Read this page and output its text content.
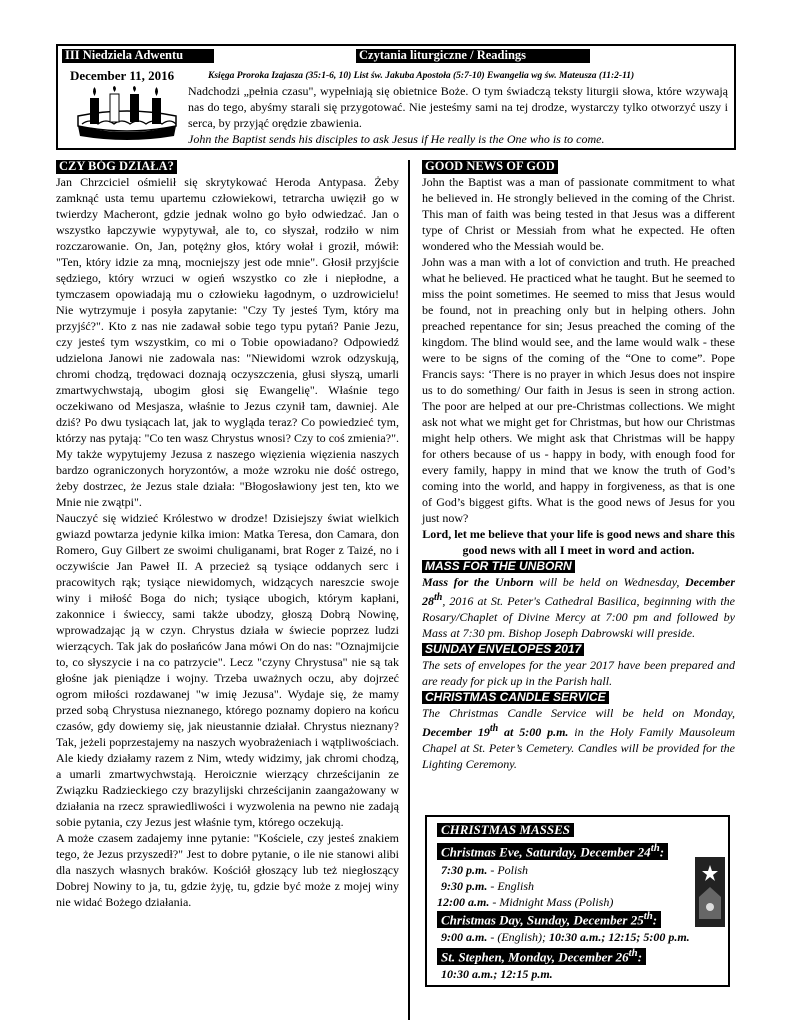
III Niedziela Adwentu	Czytania liturgiczne / Readings
December 11, 2016	Księga Proroka Izajasza (35:1-6, 10) List św. Jakuba Apostoła (5:7-10) Ewangelia wg św. Mateusza (11:2-11)
Nadchodzi „pełnia czasu", wypełniają się obietnice Boże. O tym świadczą teksty liturgii słowa, które wzywają nas do tego, abyśmy starali się przygotować. Nie jesteśmy sami na tej drodze, wystarczy tylko otworzyć uszy i serca, by przyjąć orędzie zbawienia.
John the Baptist sends his disciples to ask Jesus if He really is the One who is to come.
CZY BÓG DZIAŁA?

Jan Chrzciciel ośmielił się skrytykować Heroda Antypasa. Żeby zamknąć usta temu upartemu człowiekowi, tetrarcha uwięził go w twierdzy Macheront, gdzie jednak wolno go było odwiedzać. Jan o wszystko łapczywie wypytywał, ale to, co słyszał, rodziło w nim rozczarowanie. On, Jan, potężny głos, który wołał i groził, mówił: "Ten, który idzie za mną, mocniejszy jest ode mnie". Głosił przyjście sędziego, który wrzuci w ogień wszystko co złe i niepłodne, a tymczasem opowiadają mu o człowieku łagodnym, o uzdrowicielu! Nie wytrzymuje i posyła zapytanie: "Czy Ty jesteś Tym, który ma przyjść?". Kto z nas nie zadawał sobie tego typu pytań? Panie Jezu, czy jesteś tym wszystkim, co mi o Tobie opowiadano? Odpowiedź udzielona Janowi nie zadowala nas: "Niewidomi wzrok odzyskują, chromi chodzą, trędowaci doznają oczyszczenia, głusi słyszą, umarli zmartwychwstają, ubogim głosi się Ewangelię". Właśnie tego oczekiwano od Mesjasza, właśnie to Jezus czynił tam, dawniej. Ale dziś? Po dwu tysiącach lat, jak to wygląda teraz? Co powiedzieć tym, którzy nas pytają: "Co ten wasz Chrystus wnosi? Czy to coś zmienia?". My także wypytujemy Jezusa z naszego więzienia więzienia naszych bardzo ograniczonych horyzontów, a może wzroku nie dość ostrego, żeby dostrzec, że Jezus stale działa: "Błogosławiony jest ten, kto we Mnie nie zwątpi".

Nauczyć się widzieć Królestwo w drodze! Dzisiejszy świat wielkich gwiazd powtarza jedynie kilka imion: Matka Teresa, don Camara, don Romero, Guy Gilbert ze swoimi chuliganami, brat Roger z Taizé, no i oczywiście Jan Paweł II. A przecież są tysiące oddanych serc i pracowitych rąk; tysiące niewidomych, widzących nareszcie swoje winy i miłość Boga do nich; tysiące ubogich, którym kapłani, zakonnice i świeccy, sami także ubodzy, głoszą Dobrą Nowinę, wprowadzając ją w czyn. Chrystus działa w świecie poprzez ludzi wierzących. Tak jak do posłańców Jana mówi On do nas: "Oznajmijcie to, co słyszycie i na co patrzycie". Lecz "czyny Chrystusa" nie są tak głośne jak pieniądze i wojny. Trzeba uważnych oczu, aby dojrzeć ogrom miłości rozdawanej "w imię Jezusa". Wydaje się, że mamy przed sobą Chrystusa nieznanego, którego poznamy dopiero na końcu czasów, gdy dowiemy się, jak nieustannie działał. Chrystus nieznany? Tak, jeżeli poprzestajemy na naszych wyobrażeniach i wątpliwościach. Ale kiedy działamy razem z Nim, wtedy widzimy, jak chromi chodzą, a umarli zmartwychwstają. Heroicznie wierzący chrześcijanin ze Związku Radzieckiego czy brazylijski chrześcijanin zaangażowany w działania na rzecz sprawiedliwości i wyzwolenia na pewno nie zadają sobie pytania, czy Jezus jest właśnie tym, którego oczekują.

A może czasem zadajemy inne pytanie: "Kościele, czy jesteś znakiem tego, że Jezus przyszedł?" Jest to dobre pytanie, o ile nie stanowi alibi dla naszych własnych braków. Kościół głoszący lub też niegłoszący Dobrej Nowiny to ja, tu, gdzie żyję, tu, gdzie być może z mojej winy nie widać Bożego działania.

GOOD NEWS OF GOD

John the Baptist was a man of passionate commitment to what he believed in. He strongly believed in the coming of the Christ. This man of faith was being tested in that Jesus was a different type of Christ or Messiah from what he expected. He often wondered who the Messiah would be.

John was a man with a lot of conviction and truth. He preached what he believed. He practiced what he taught. But he seemed to miss the point sometimes. He seemed to miss that Jesus would be found, not in preaching only but in helping others. John preached repentance for sin; Jesus preached the coming of the kingdom. The blind would see, and the lame would walk - these were to be signs of the coming of the “One to come”. Pope Francis says: ‘There is no prayer in which Jesus does not inspire us to do something/ Our faith in Jesus is seen in strong action. The poor are helped at our pre-Christmas collections. We might ask not what we might get for Christmas, but how our Christmas might help others. We might ask that Christmas will be happy for others because of us - happy in body, with enough food for every family, happy in mind that we know the truth of God’s coming into the world, and happy in forgiveness, as that is one of God’s biggest gifts. What is the good news of Jesus for you just now?

Lord, let me believe that your life is good news and share this good news with all I meet in word and action.
MASS FOR THE UNBORN

Mass for the Unborn will be held on Wednesday, December 28th, 2016 at St. Peter's Cathedral Basilica, beginning with the Rosary/Chaplet of Divine Mercy at 7:00 pm and followed by Mass at 7:30 pm. Bishop Joseph Dabrowski will preside.

SUNDAY ENVELOPES 2017

The sets of envelopes for the year 2017 have been prepared and are ready for pick up in the Parish hall.

CHRISTMAS CANDLE SERVICE

The Christmas Candle Service will be held on Monday, December 19th at 5:00 p.m. in the Holy Family Mausoleum Chapel at St. Peter’s Cemetery. Candles will be provided for the Lighting Ceremony.

CHRISTMAS MASSES
Christmas Eve, Saturday, December 24th:
7:30 p.m. - Polish
9:30 p.m. - English
12:00 a.m. - Midnight Mass (Polish)
Christmas Day, Sunday, December 25th:
9:00 a.m. - (English); 10:30 a.m.; 12:15; 5:00 p.m.
St. Stephen, Monday, December 26th:
10:30 a.m.; 12:15 p.m.
